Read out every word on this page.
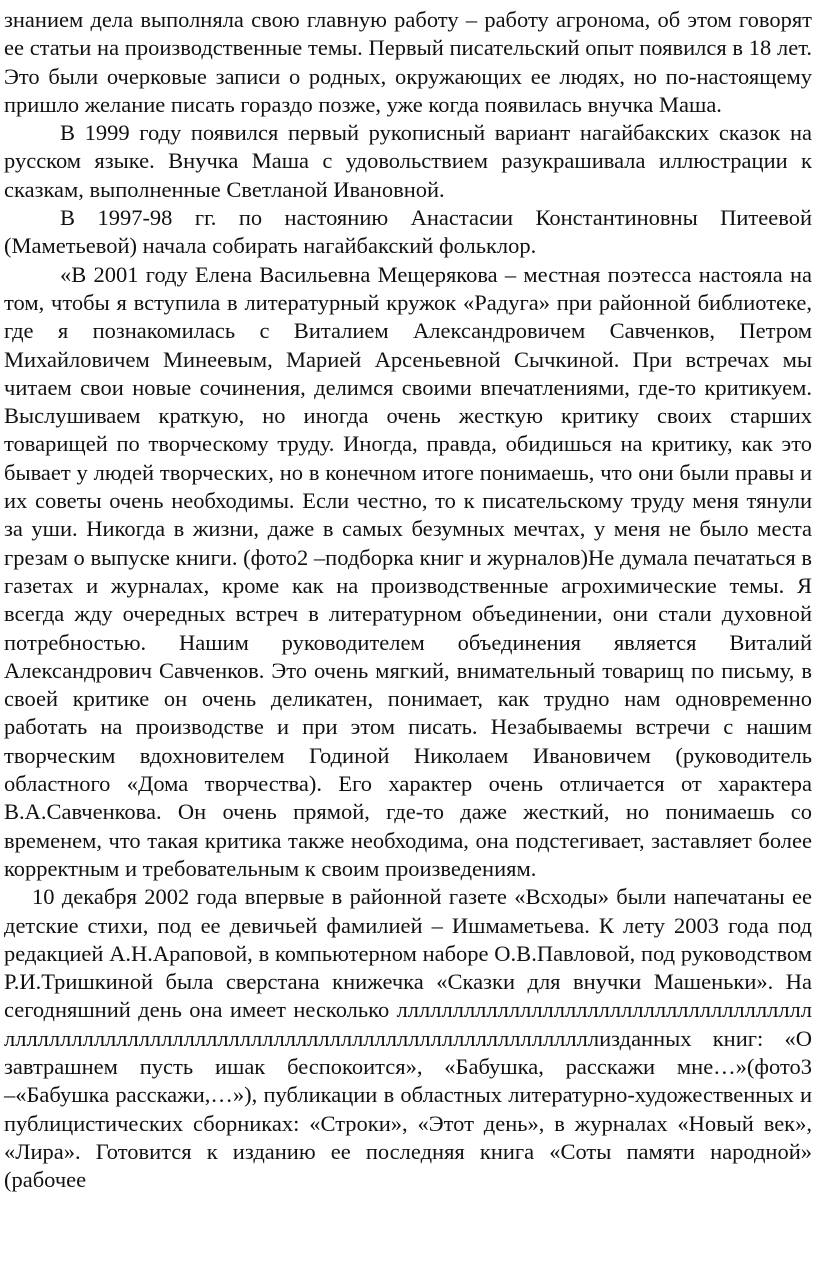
знанием дела выполняла свою главную работу – работу агронома, об этом говорят ее статьи на производственные темы. Первый писательский опыт появился в 18 лет. Это были очерковые записи о родных, окружающих ее людях, но по-настоящему пришло желание писать гораздо позже, уже когда появилась внучка Маша.

В 1999 году появился первый рукописный вариант нагайбакских сказок на русском языке. Внучка Маша с удовольствием разукрашивала иллюстрации к сказкам, выполненные Светланой Ивановной.

В 1997-98 гг. по настоянию Анастасии Константиновны Питеевой (Маметьевой) начала собирать нагайбакский фольклор.

«В 2001 году Елена Васильевна Мещерякова – местная поэтесса настояла на том, чтобы я вступила в литературный кружок «Радуга» при районной библиотеке, где я познакомилась с Виталием Александровичем Савченков, Петром Михайловичем Минеевым, Марией Арсеньевной Сычкиной. При встречах мы читаем свои новые сочинения, делимся своими впечатлениями, где-то критикуем. Выслушиваем краткую, но иногда очень жесткую критику своих старших товарищей по творческому труду. Иногда, правда, обидишься на критику, как это бывает у людей творческих, но в конечном итоге понимаешь, что они были правы и их советы очень необходимы. Если честно, то к писательскому труду меня тянули за уши. Никогда в жизни, даже в самых безумных мечтах, у меня не было места грезам о выпуске книги. (фото2 –подборка книг и журналов)Не думала печататься в газетах и журналах, кроме как на производственные агрохимические темы. Я всегда жду очередных встреч в литературном объединении, они стали духовной потребностью. Нашим руководителем объединения является Виталий Александрович Савченков. Это очень мягкий, внимательный товарищ по письму, в своей критике он очень деликатен, понимает, как трудно нам одновременно работать на производстве и при этом писать. Незабываемы встречи с нашим творческим вдохновителем Годиной Николаем Ивановичем (руководитель областного «Дома творчества). Его характер очень отличается от характера В.А.Савченкова. Он очень прямой, где-то даже жесткий, но понимаешь со временем, что такая критика также необходима, она подстегивает, заставляет более корректным и требовательным к своим произведениям.

10 декабря 2002 года впервые в районной газете «Всходы» были напечатаны ее детские стихи, под ее девичьей фамилией – Ишмаметьева. К лету 2003 года под редакцией А.Н.Араповой, в компьютерном наборе О.В.Павловой, под руководством Р.И.Тришкиной была сверстана книжечка «Сказки для внучки Машеньки». На сегодняшний день она имеет несколько ллллллллллллллллллллллллллллллллллллллллллллллллллллллллллллллллллллллллллллллллллллллллллизданных книг: «О завтрашнем пусть ишак беспокоится», «Бабушка, расскажи мне…»(фото3 –«Бабушка расскажи,…»), публикации в областных литературно-художественных и публицистических сборниках: «Строки», «Этот день», в журналах «Новый век», «Лира». Готовится к изданию ее последняя книга «Соты памяти народной» (рабочее
